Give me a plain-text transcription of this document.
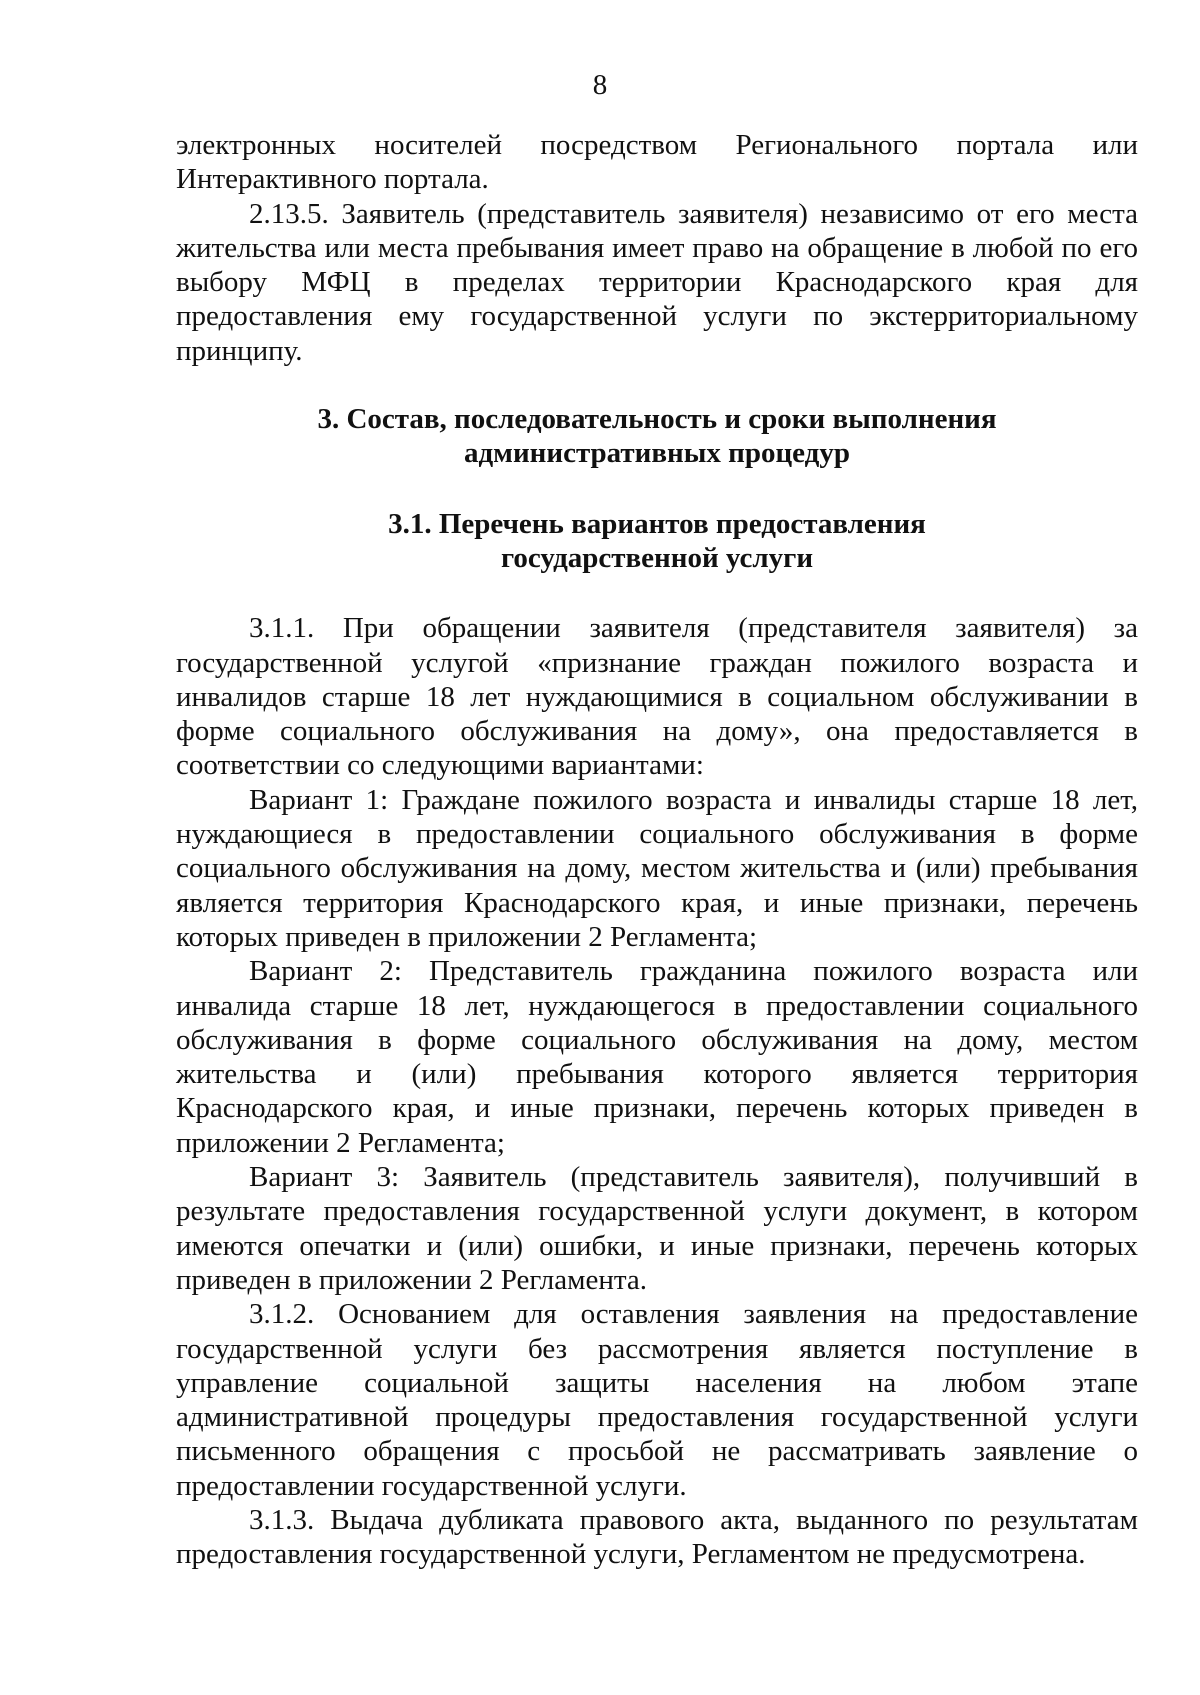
8

электронных носителей посредством Регионального портала или Интерактивного портала.

2.13.5. Заявитель (представитель заявителя) независимо от его места жительства или места пребывания имеет право на обращение в любой по его выбору МФЦ в пределах территории Краснодарского края для предоставления ему государственной услуги по экстерриториальному принципу.

3. Состав, последовательность и сроки выполнения
административных процедур
3.1. Перечень вариантов предоставления
государственной услуги

3.1.1. При обращении заявителя (представителя заявителя) за государственной услугой «признание граждан пожилого возраста и инвалидов старше 18 лет нуждающимися в социальном обслуживании в форме социального обслуживания на дому», она предоставляется в соответствии со следующими вариантами:

Вариант 1: Граждане пожилого возраста и инвалиды старше 18 лет, нуждающиеся в предоставлении социального обслуживания в форме социального обслуживания на дому, местом жительства и (или) пребывания является территория Краснодарского края, и иные признаки, перечень которых приведен в приложении 2 Регламента;

Вариант 2: Представитель гражданина пожилого возраста или инвалида старше 18 лет, нуждающегося в предоставлении социального обслуживания в форме социального обслуживания на дому, местом жительства и (или) пребывания которого является территория Краснодарского края, и иные признаки, перечень которых приведен в приложении 2 Регламента;

Вариант 3: Заявитель (представитель заявителя), получивший в результате предоставления государственной услуги документ, в котором имеются опечатки и (или) ошибки, и иные признаки, перечень которых приведен в приложении 2 Регламента.

3.1.2. Основанием для оставления заявления на предоставление государственной услуги без рассмотрения является поступление в управление социальной защиты населения на любом этапе административной процедуры предоставления государственной услуги письменного обращения с просьбой не рассматривать заявление о предоставлении государственной услуги.

3.1.3. Выдача дубликата правового акта, выданного по результатам предоставления государственной услуги, Регламентом не предусмотрена.
